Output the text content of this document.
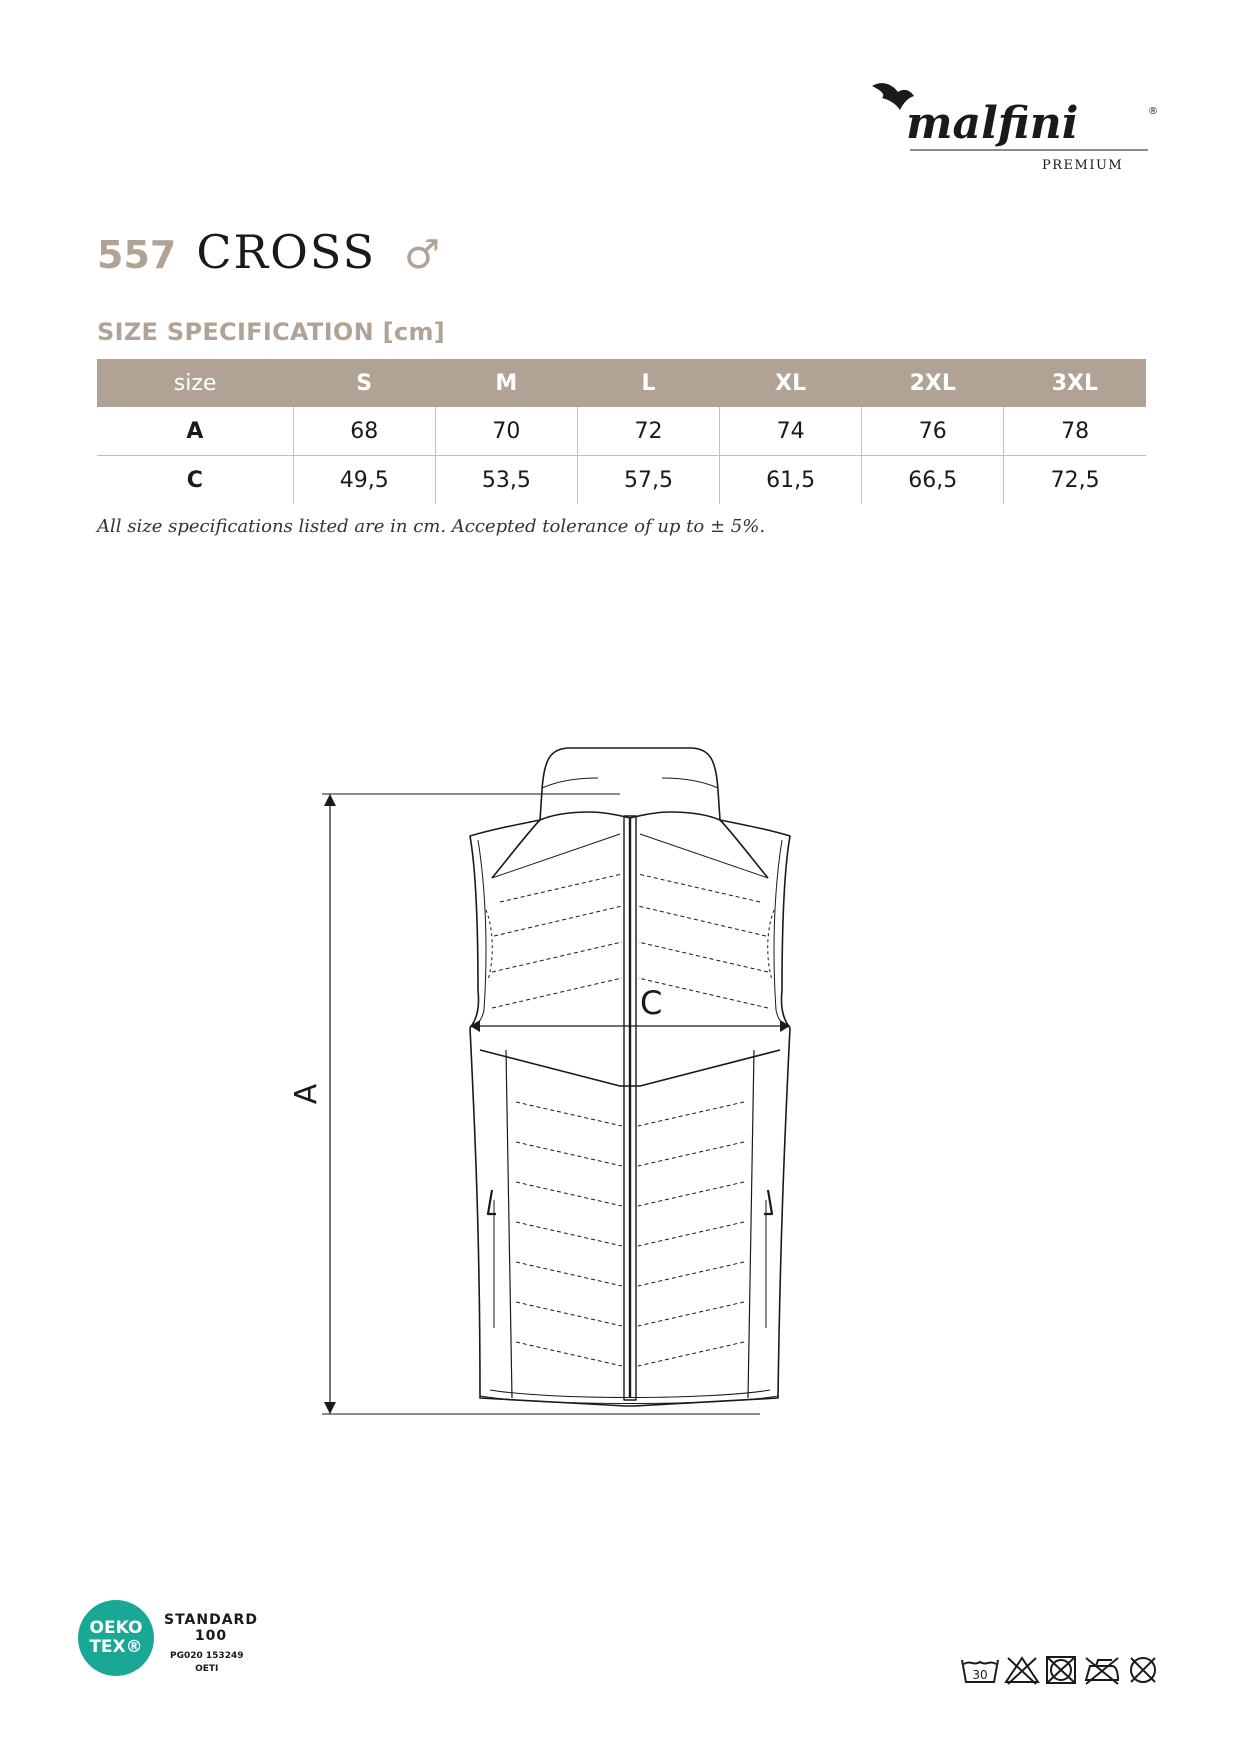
malfini	®
PREMIUM
557 CROSS ♂
SIZE SPECIFICATION [cm]
size	S	M	L	XL	2XL	3XL
A	68	70	72	74	76	78
C	49,5	53,5	57,5	61,5	66,5	72,5
All size specifications listed are in cm. Accepted tolerance of up to ± 5%.
A
C
OEKO
TEX®
STANDARD
100
PG020 153249
OETI	30
